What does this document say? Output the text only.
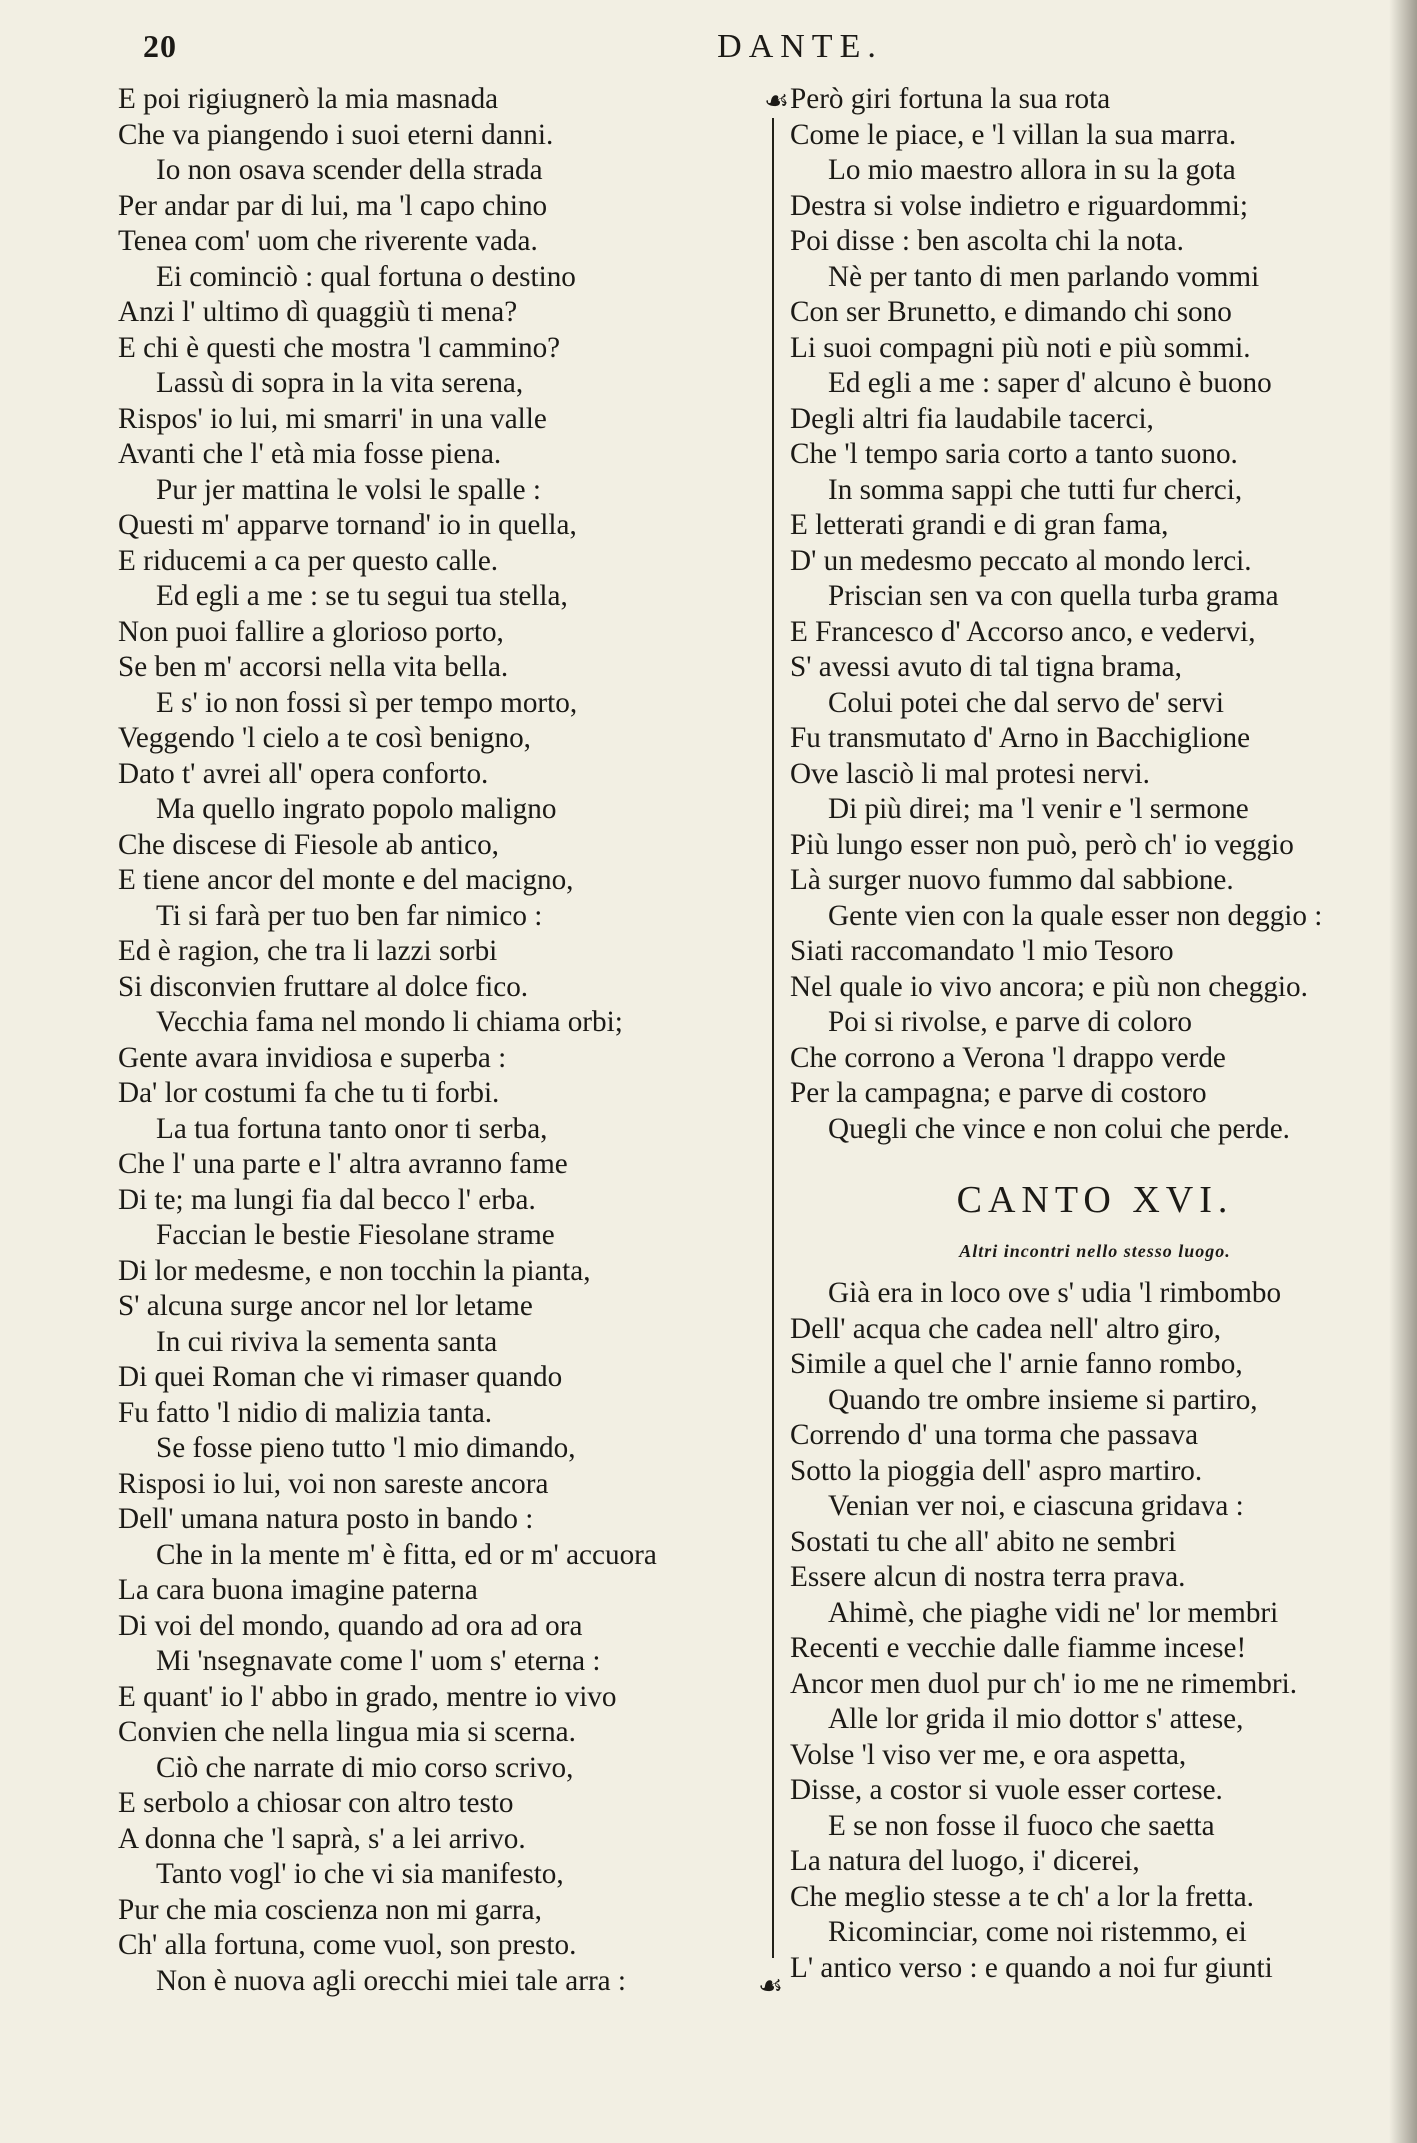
20	DANTE.
☙
☙
E poi rigiugnerò la mia masnada
Che va piangendo i suoi eterni danni.
Io non osava scender della strada
Per andar par di lui, ma 'l capo chino
Tenea com' uom che riverente vada.
Ei cominciò : qual fortuna o destino
Anzi l' ultimo dì quaggiù ti mena?
E chi è questi che mostra 'l cammino?
Lassù di sopra in la vita serena,
Rispos' io lui, mi smarri' in una valle
Avanti che l' età mia fosse piena.
Pur jer mattina le volsi le spalle :
Questi m' apparve tornand' io in quella,
E riducemi a ca per questo calle.
Ed egli a me : se tu segui tua stella,
Non puoi fallire a glorioso porto,
Se ben m' accorsi nella vita bella.
E s' io non fossi sì per tempo morto,
Veggendo 'l cielo a te così benigno,
Dato t' avrei all' opera conforto.
Ma quello ingrato popolo maligno
Che discese di Fiesole ab antico,
E tiene ancor del monte e del macigno,
Ti si farà per tuo ben far nimico :
Ed è ragion, che tra li lazzi sorbi
Si disconvien fruttare al dolce fico.
Vecchia fama nel mondo li chiama orbi;
Gente avara invidiosa e superba :
Da' lor costumi fa che tu ti forbi.
La tua fortuna tanto onor ti serba,
Che l' una parte e l' altra avranno fame
Di te; ma lungi fia dal becco l' erba.
Faccian le bestie Fiesolane strame
Di lor medesme, e non tocchin la pianta,
S' alcuna surge ancor nel lor letame
In cui riviva la sementa santa
Di quei Roman che vi rimaser quando
Fu fatto 'l nidio di malizia tanta.
Se fosse pieno tutto 'l mio dimando,
Risposi io lui, voi non sareste ancora
Dell' umana natura posto in bando :
Che in la mente m' è fitta, ed or m' accuora
La cara buona imagine paterna
Di voi del mondo, quando ad ora ad ora
Mi 'nsegnavate come l' uom s' eterna :
E quant' io l' abbo in grado, mentre io vivo
Convien che nella lingua mia si scerna.
Ciò che narrate di mio corso scrivo,
E serbolo a chiosar con altro testo
A donna che 'l saprà, s' a lei arrivo.
Tanto vogl' io che vi sia manifesto,
Pur che mia coscienza non mi garra,
Ch' alla fortuna, come vuol, son presto.
Non è nuova agli orecchi miei tale arra :
Però giri fortuna la sua rota
Come le piace, e 'l villan la sua marra.
Lo mio maestro allora in su la gota
Destra si volse indietro e riguardommi;
Poi disse : ben ascolta chi la nota.
Nè per tanto di men parlando vommi
Con ser Brunetto, e dimando chi sono
Li suoi compagni più noti e più sommi.
Ed egli a me : saper d' alcuno è buono
Degli altri fia laudabile tacerci,
Che 'l tempo saria corto a tanto suono.
In somma sappi che tutti fur cherci,
E letterati grandi e di gran fama,
D' un medesmo peccato al mondo lerci.
Priscian sen va con quella turba grama
E Francesco d' Accorso anco, e vedervi,
S' avessi avuto di tal tigna brama,
Colui potei che dal servo de' servi
Fu transmutato d' Arno in Bacchiglione
Ove lasciò li mal protesi nervi.
Di più direi; ma 'l venir e 'l sermone
Più lungo esser non può, però ch' io veggio
Là surger nuovo fummo dal sabbione.
Gente vien con la quale esser non deggio :
Siati raccomandato 'l mio Tesoro
Nel quale io vivo ancora; e più non cheggio.
Poi si rivolse, e parve di coloro
Che corrono a Verona 'l drappo verde
Per la campagna; e parve di costoro
Quegli che vince e non colui che perde.
CANTO XVI.
Altri incontri nello stesso luogo.
Già era in loco ove s' udia 'l rimbombo
Dell' acqua che cadea nell' altro giro,
Simile a quel che l' arnie fanno rombo,
Quando tre ombre insieme si partiro,
Correndo d' una torma che passava
Sotto la pioggia dell' aspro martiro.
Venian ver noi, e ciascuna gridava :
Sostati tu che all' abito ne sembri
Essere alcun di nostra terra prava.
Ahimè, che piaghe vidi ne' lor membri
Recenti e vecchie dalle fiamme incese!
Ancor men duol pur ch' io me ne rimembri.
Alle lor grida il mio dottor s' attese,
Volse 'l viso ver me, e ora aspetta,
Disse, a costor si vuole esser cortese.
E se non fosse il fuoco che saetta
La natura del luogo, i' dicerei,
Che meglio stesse a te ch' a lor la fretta.
Ricominciar, come noi ristemmo, ei
L' antico verso : e quando a noi fur giunti
